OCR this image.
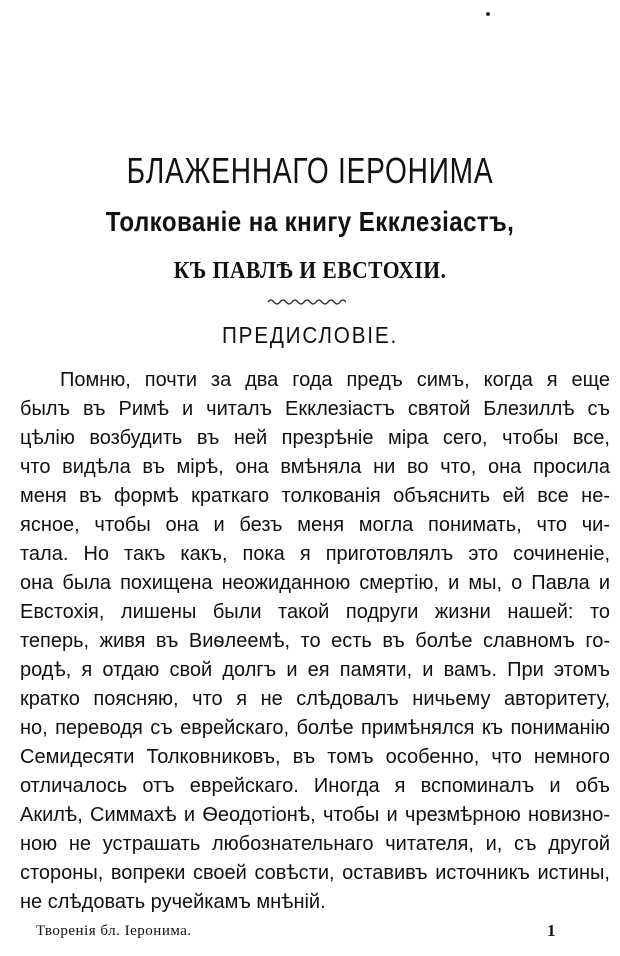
БЛАЖЕННАГО ІЕРОНИМА
Толкованіе на книгу Екклезіастъ,
КЪ ПАВЛѢ И ЕВСТОХІИ.
ПРЕДИСЛОВІЕ.
Помню, почти за два года предъ симъ, когда я еще
былъ въ Римѣ и читалъ Екклезіастъ святой Блезиллѣ съ
цѣлію возбудить въ ней презрѣніе міра сего, чтобы все,
что видѣла въ мірѣ, она вмѣняла ни во что, она просила
меня въ формѣ краткаго толкованія объяснить ей все не-
ясное, чтобы она и безъ меня могла понимать, что чи-
тала. Но такъ какъ, пока я приготовлялъ это сочиненіе,
она была похищена неожиданною смертію, и мы, о Павла и
Евстохія, лишены были такой подруги жизни нашей: то
теперь, живя въ Виѳлеемѣ, то есть въ болѣе славномъ го-
родѣ, я отдаю свой долгъ и ея памяти, и вамъ. При этомъ
кратко поясняю, что я не слѣдовалъ ничьему авторитету,
но, переводя съ еврейскаго, болѣе примѣнялся къ пониманію
Семидесяти Толковниковъ, въ томъ особенно, что немного
отличалось отъ еврейскаго. Иногда я вспоминалъ и объ
Акилѣ, Симмахѣ и Ѳеодотіонѣ, чтобы и чрезмѣрною новизно-
ною не устрашать любознательнаго читателя, и, съ другой
стороны, вопреки своей совѣсти, оставивъ источникъ истины,
не слѣдовать ручейкамъ мнѣній.
Творенія бл. Іеронима.	1
